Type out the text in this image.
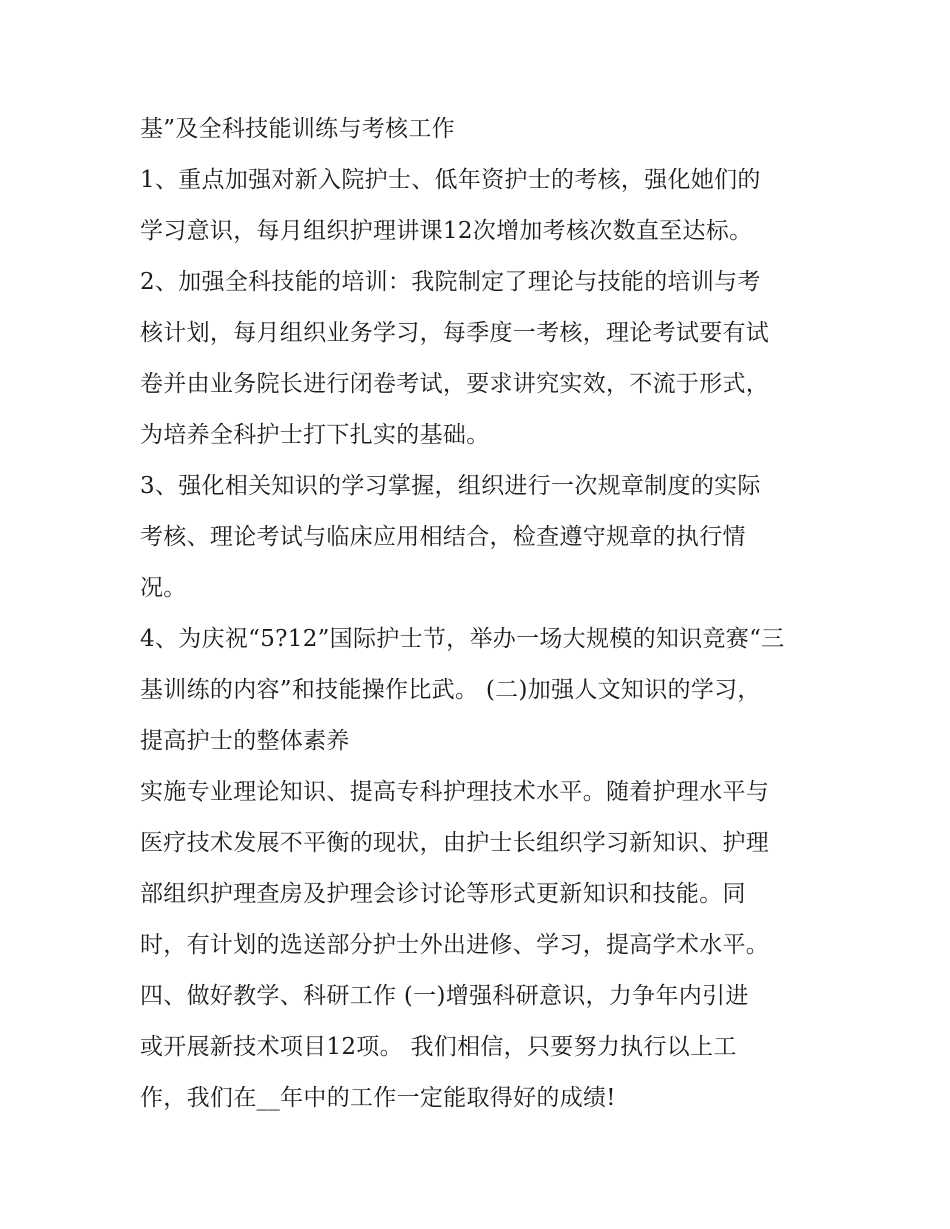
基”及全科技能训练与考核工作
1、重点加强对新入院护士、低年资护士的考核，强化她们的
学习意识，每月组织护理讲课12次增加考核次数直至达标。
2、加强全科技能的培训：我院制定了理论与技能的培训与考
核计划，每月组织业务学习，每季度一考核，理论考试要有试
卷并由业务院长进行闭卷考试，要求讲究实效，不流于形式，
为培养全科护士打下扎实的基础。
3、强化相关知识的学习掌握，组织进行一次规章制度的实际
考核、理论考试与临床应用相结合，检查遵守规章的执行情
况。
4、为庆祝“5?12”国际护士节，举办一场大规模的知识竞赛“三
基训练的内容”和技能操作比武。 (二)加强人文知识的学习，
提高护士的整体素养
实施专业理论知识、提高专科护理技术水平。随着护理水平与
医疗技术发展不平衡的现状，由护士长组织学习新知识、护理
部组织护理查房及护理会诊讨论等形式更新知识和技能。同
时，有计划的选送部分护士外出进修、学习，提高学术水平。
四、做好教学、科研工作 (一)增强科研意识，力争年内引进
或开展新技术项目12项。 我们相信，只要努力执行以上工
作，我们在__年中的工作一定能取得好的成绩!
